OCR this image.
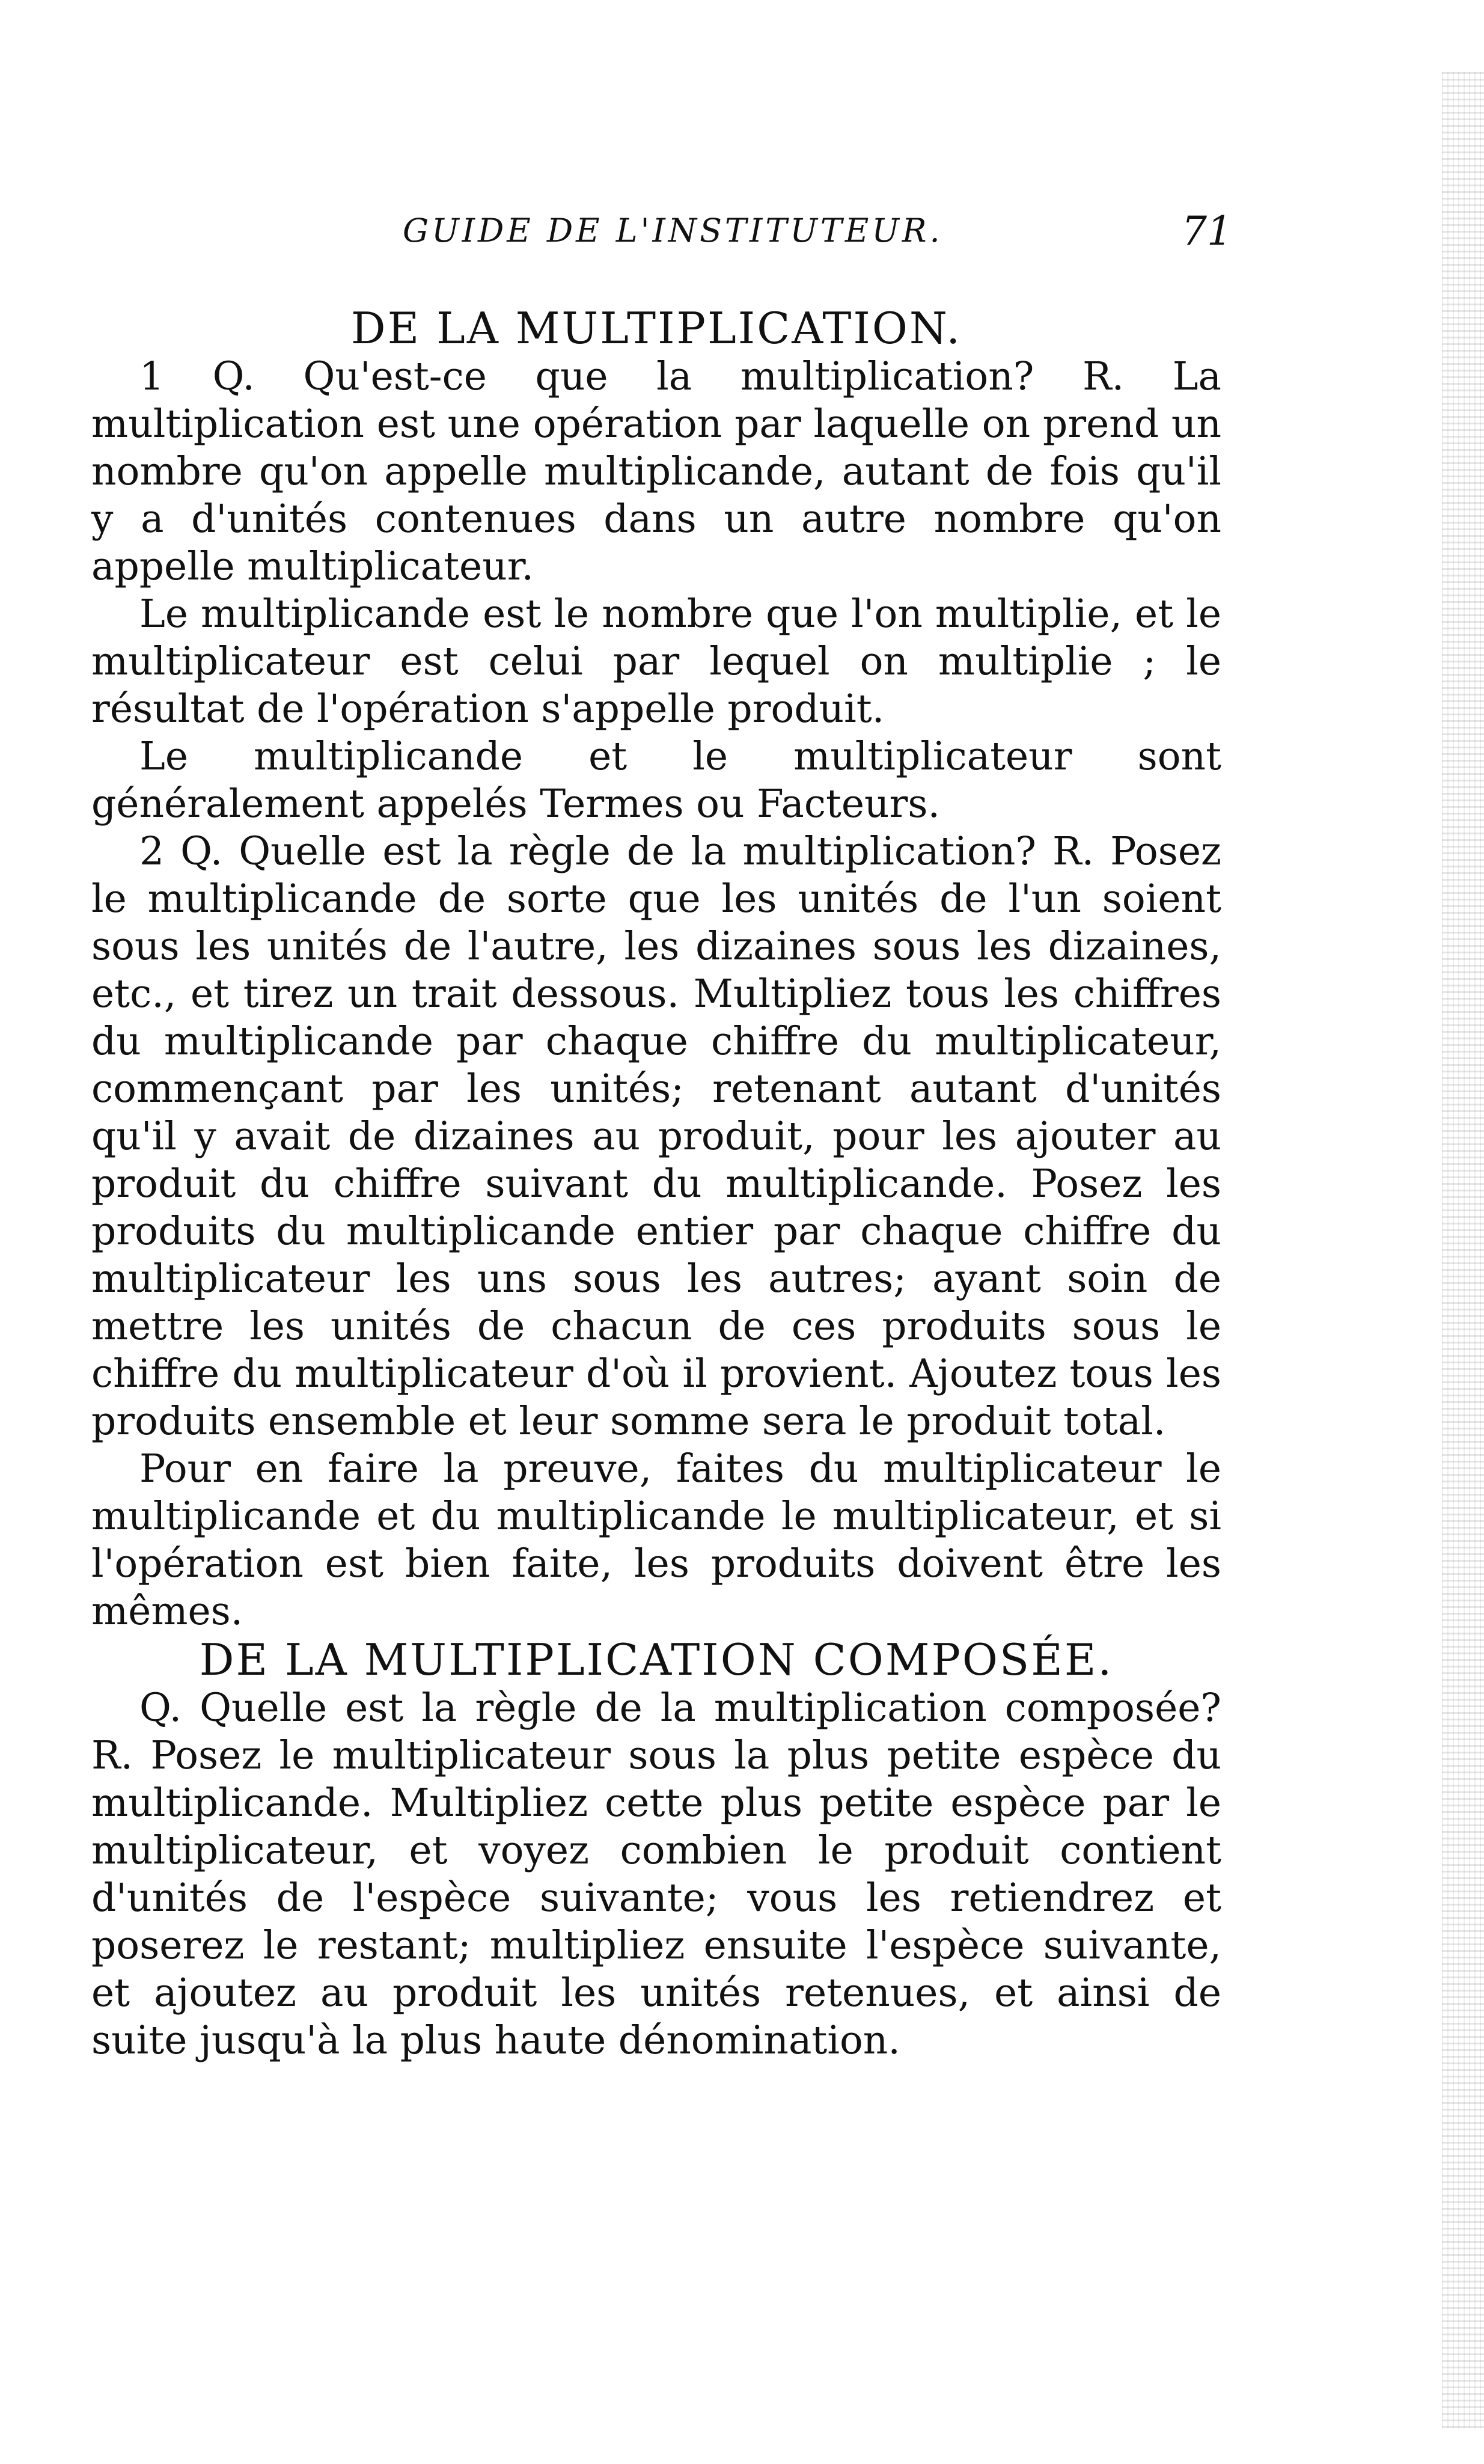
GUIDE DE L'INSTITUTEUR.	71
DE LA MULTIPLICATION.

1 Q. Qu'est-ce que la multiplication? R. La multiplication est une opération par laquelle on prend un nombre qu'on appelle multiplicande, autant de fois qu'il y a d'unités contenues dans un autre nombre qu'on appelle multiplicateur.

Le multiplicande est le nombre que l'on multiplie, et le multiplicateur est celui par lequel on multiplie ; le résultat de l'opération s'appelle produit.

Le multiplicande et le multiplicateur sont généralement appelés Termes ou Facteurs.

2 Q. Quelle est la règle de la multiplication? R. Posez le multiplicande de sorte que les unités de l'un soient sous les unités de l'autre, les dizaines sous les dizaines, etc., et tirez un trait dessous. Multipliez tous les chiffres du multiplicande par chaque chiffre du multiplicateur, commençant par les unités; retenant autant d'unités qu'il y avait de dizaines au produit, pour les ajouter au produit du chiffre suivant du multiplicande. Posez les produits du multiplicande entier par chaque chiffre du multiplicateur les uns sous les autres; ayant soin de mettre les unités de chacun de ces produits sous le chiffre du multiplicateur d'où il provient. Ajoutez tous les produits ensemble et leur somme sera le produit total.

Pour en faire la preuve, faites du multiplicateur le multiplicande et du multiplicande le multiplicateur, et si l'opération est bien faite, les produits doivent être les mêmes.

DE LA MULTIPLICATION COMPOSÉE.

Q. Quelle est la règle de la multiplication composée? R. Posez le multiplicateur sous la plus petite espèce du multiplicande. Multipliez cette plus petite espèce par le multiplicateur, et voyez combien le produit contient d'unités de l'espèce suivante; vous les retiendrez et poserez le restant; multipliez ensuite l'espèce suivante, et ajoutez au produit les unités retenues, et ainsi de suite jusqu'à la plus haute dénomination.
